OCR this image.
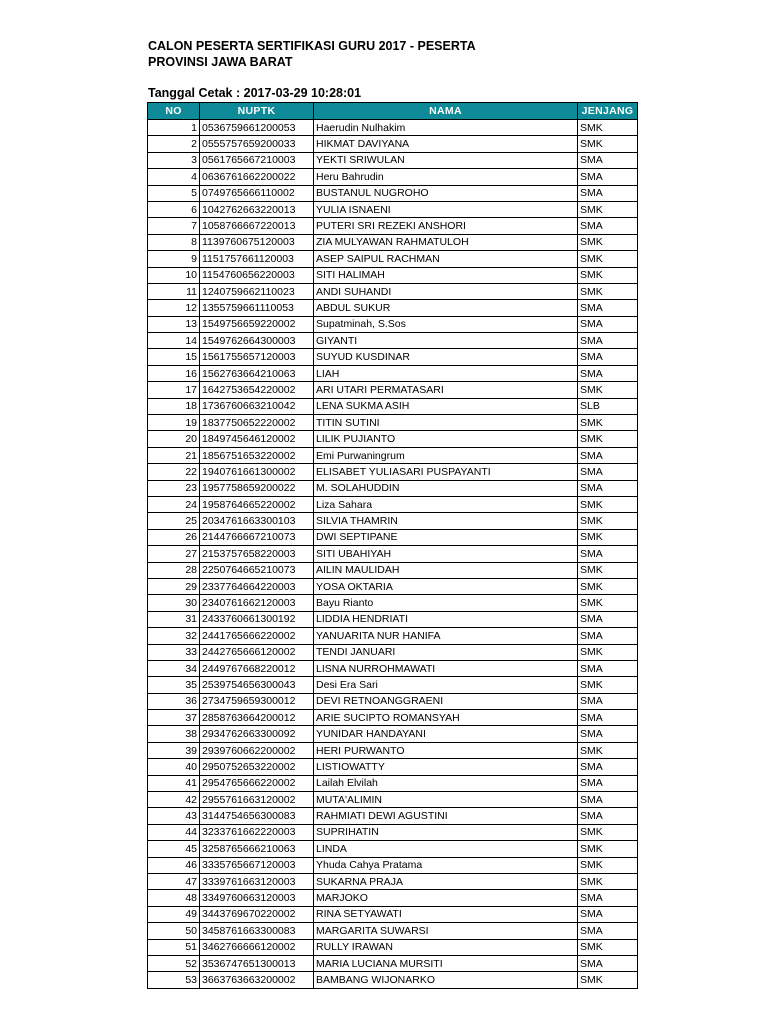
CALON PESERTA SERTIFIKASI GURU 2017 - PESERTA
PROVINSI JAWA BARAT
Tanggal Cetak : 2017-03-29 10:28:01
NO	NUPTK	NAMA	JENJANG
1	0536759661200053	Haerudin Nulhakim	SMK
2	0555757659200033	HIKMAT DAVIYANA	SMK
3	0561765667210003	YEKTI SRIWULAN	SMA
4	0636761662200022	Heru Bahrudin	SMA
5	0749765666110002	BUSTANUL NUGROHO	SMA
6	1042762663220013	YULIA ISNAENI	SMK
7	1058766667220013	PUTERI SRI REZEKI ANSHORI	SMA
8	1139760675120003	ZIA MULYAWAN RAHMATULOH	SMK
9	1151757661120003	ASEP SAIPUL RACHMAN	SMK
10	1154760656220003	SITI HALIMAH	SMK
11	1240759662110023	ANDI SUHANDI	SMK
12	1355759661110053	ABDUL SUKUR	SMA
13	1549756659220002	Supatminah, S.Sos	SMA
14	1549762664300003	GIYANTI	SMA
15	1561755657120003	SUYUD KUSDINAR	SMA
16	1562763664210063	LIAH	SMA
17	1642753654220002	ARI UTARI PERMATASARI	SMK
18	1736760663210042	LENA SUKMA ASIH	SLB
19	1837750652220002	TITIN SUTINI	SMK
20	1849745646120002	LILIK PUJIANTO	SMK
21	1856751653220002	Emi Purwaningrum	SMA
22	1940761661300002	ELISABET YULIASARI PUSPAYANTI	SMA
23	1957758659200022	M. SOLAHUDDIN	SMA
24	1958764665220002	Liza Sahara	SMK
25	2034761663300103	SILVIA THAMRIN	SMK
26	2144766667210073	DWI SEPTIPANE	SMK
27	2153757658220003	SITI UBAHIYAH	SMA
28	2250764665210073	AILIN MAULIDAH	SMK
29	2337764664220003	YOSA OKTARIA	SMK
30	2340761662120003	Bayu Rianto	SMK
31	2433760661300192	LIDDIA HENDRIATI	SMA
32	2441765666220002	YANUARITA NUR HANIFA	SMA
33	2442765666120002	TENDI JANUARI	SMK
34	2449767668220012	LISNA NURROHMAWATI	SMA
35	2539754656300043	Desi Era Sari	SMK
36	2734759659300012	DEVI RETNOANGGRAENI	SMA
37	2858763664200012	ARIE SUCIPTO ROMANSYAH	SMA
38	2934762663300092	YUNIDAR HANDAYANI	SMA
39	2939760662200002	HERI PURWANTO	SMK
40	2950752653220002	LISTIOWATTY	SMA
41	2954765666220002	Lailah Elvilah	SMA
42	2955761663120002	MUTA'ALIMIN	SMA
43	3144754656300083	RAHMIATI DEWI AGUSTINI	SMA
44	3233761662220003	SUPRIHATIN	SMK
45	3258765666210063	LINDA	SMK
46	3335765667120003	Yhuda Cahya Pratama	SMK
47	3339761663120003	SUKARNA PRAJA	SMK
48	3349760663120003	MARJOKO	SMA
49	3443769670220002	RINA SETYAWATI	SMA
50	3458761663300083	MARGARITA SUWARSI	SMA
51	3462766666120002	RULLY IRAWAN	SMK
52	3536747651300013	MARIA LUCIANA MURSITI	SMA
53	3663763663200002	BAMBANG WIJONARKO	SMK
